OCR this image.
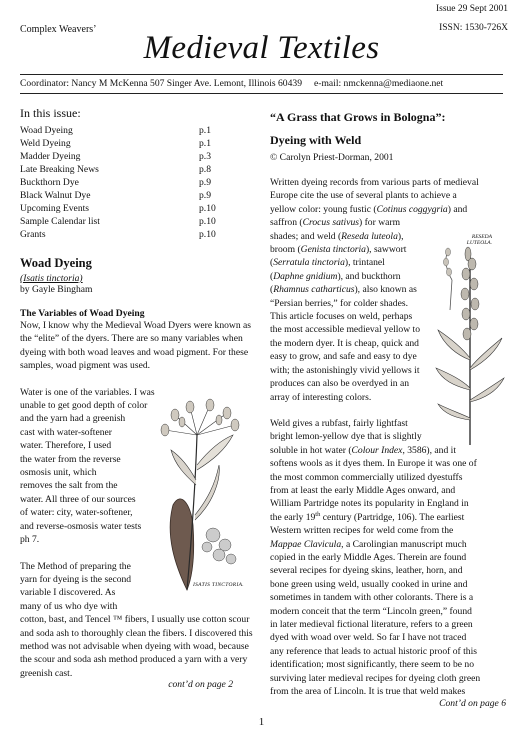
Issue 29 Sept 2001
Complex Weavers’	ISSN: 1530-726X
Medieval Textiles
Coordinator: Nancy M McKenna 507 Singer Ave. Lemont, Illinois 60439     e-mail: nmckenna@mediaone.net
In this issue:
Woad Dyeing	p.1
Weld Dyeing	p.1
Madder Dyeing	p.3
Late Breaking News	p.8
Buckthorn Dye	p.9
Black Walnut Dye	p.9
Upcoming Events	p.10
Sample Calendar list	p.10
Grants	p.10
Woad Dyeing
(Isatis tinctoria)
by Gayle Bingham
The Variables of Woad Dyeing

Now, I know why the Medieval Woad Dyers were known as the “elite” of the dyers. There are so many variables when dyeing with both woad leaves and woad pigment. For these samples, woad pigment was used.

Water is one of the variables. I was
unable to get good depth of color
and the yarn had a greenish
cast with water-softener
water. Therefore, I used
the water from the reverse
osmosis unit, which
removes the salt from the
water. All three of our sources
of water: city, water-softener,
and reverse-osmosis water tests
ph 7.
The Method of preparing the
yarn for dyeing is the second
variable I discovered. As
many of us who dye with

cotton, bast, and Tencel ™ fibers, I usually use cotton scour and soda ash to thoroughly clean the fibers. I discovered this method was not advisable when dyeing with woad, because the scour and soda ash method produced a yarn with a very greenish cast.

cont’d on page 2
ISATIS TINCTORIA.
“A Grass that Grows in Bologna”:
Dyeing with Weld
© Carolyn Priest-Dorman, 2001
Written dyeing records from various parts of medieval
Europe cite the use of several plants to achieve a
yellow color: young fustic (Cotinus coggygria) and
saffron (Crocus sativus) for warm
shades; and weld (Reseda luteola),
broom (Genista tinctoria), sawwort
(Serratula tinctoria), trintanel
(Daphne gnidium), and buckthorn
(Rhamnus catharticus), also known as
“Persian berries,” for colder shades.
This article focuses on weld, perhaps
the most accessible medieval yellow to
the modern dyer. It is cheap, quick and
easy to grow, and safe and easy to dye
with; the astonishingly vivid yellows it
produces can also be overdyed in an
array of interesting colors.
Weld gives a rubfast, fairly lightfast
bright lemon-yellow dye that is slightly
soluble in hot water (Colour Index, 3586), and it
softens wools as it dyes them. In Europe it was one of
the most common commercially utilized dyestuffs
from at least the early Middle Ages onward, and
William Partridge notes its popularity in England in
the early 19th century (Partridge, 106). The earliest
Western written recipes for weld come from the
Mappae Clavicula, a Carolingian manuscript much
copied in the early Middle Ages. Therein are found
several recipes for dyeing skins, leather, horn, and
bone green using weld, usually cooked in urine and
sometimes in tandem with other colorants. There is a
modern conceit that the term “Lincoln green,” found
in later medieval fictional literature, refers to a green
dyed with woad over weld. So far I have not traced
any reference that leads to actual historic proof of this
identification; most significantly, there seem to be no
surviving later medieval recipes for dyeing cloth green
from the area of Lincoln. It is true that weld makes
Cont’d on page 6
RESEDA LUTEOLA.
1
